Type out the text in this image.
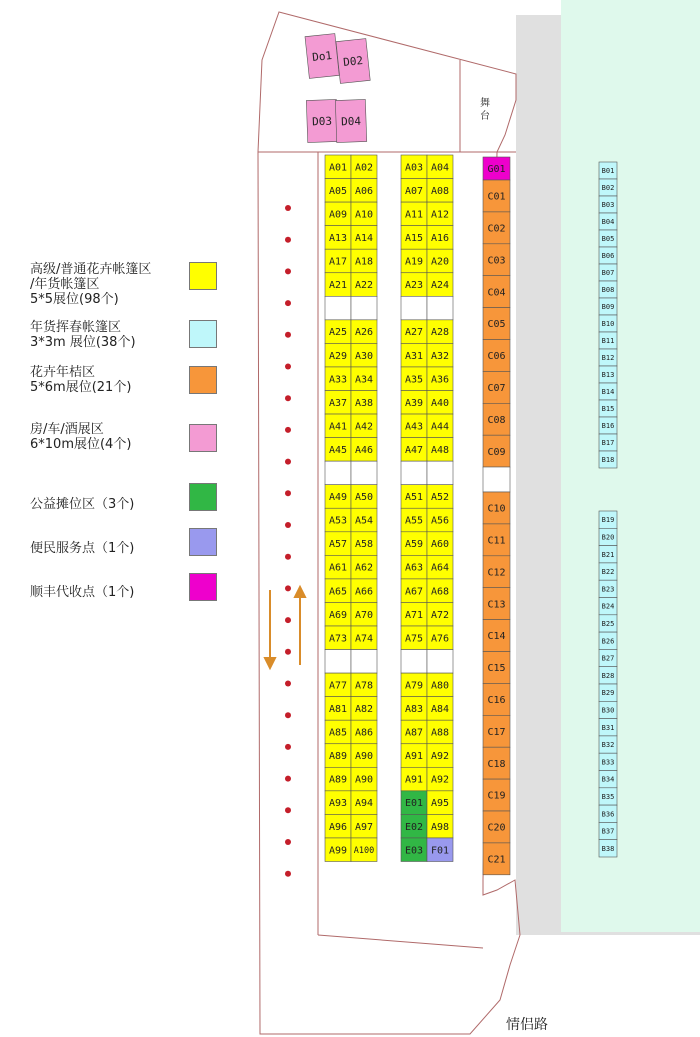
Do1 D02
D03 D04
A01 A02
A05 A06
A09 A10
A13 A14
A17 A18
A21 A22
A25 A26
A29 A30
A33 A34
A37 A38
A41 A42
A45 A46
A49 A50
A53 A54
A57 A58
A61 A62
A65 A66
A69 A70
A73 A74
A77 A78
A81 A82
A85 A86
A89 A90
A89 A90
A93 A94
A96 A97
A99 A100
A03 A04
A07 A08
A11 A12
A15 A16
A19 A20
A23 A24
A27 A28
A31 A32
A35 A36
A39 A40
A43 A44
A47 A48
A51 A52
A55 A56
A59 A60
A63 A64
A67 A68
A71 A72
A75 A76
A79 A80
A83 A84
A87 A88
A91 A92
A91 A92
E01 A95
E02 A98
E03 F01
G01
C01
C02
C03
C04
C05
C06
C07
C08
C09
C10
C11
C12
C13
C14
C15
C16
C17
C18
C19
C20
C21
B01
B02
B03
B04
B05
B06
B07
B08
B09
B10
B11
B12
B13
B14
B15
B16
B17
B18
B19
B20
B21
B22
B23
B24
B25
B26
B27
B28
B29
B30
B31
B32
B33
B34
B35
B36
B37
B38
舞台
情侣路
高级/普通花卉帐篷区
/年货帐篷区
5*5展位(98个)
年货挥春帐篷区
3*3m 展位(38个)
花卉年桔区
5*6m展位(21个)
房/车/酒展区
6*10m展位(4个)
公益摊位区（3个)
便民服务点（1个)
顺丰代收点（1个)
